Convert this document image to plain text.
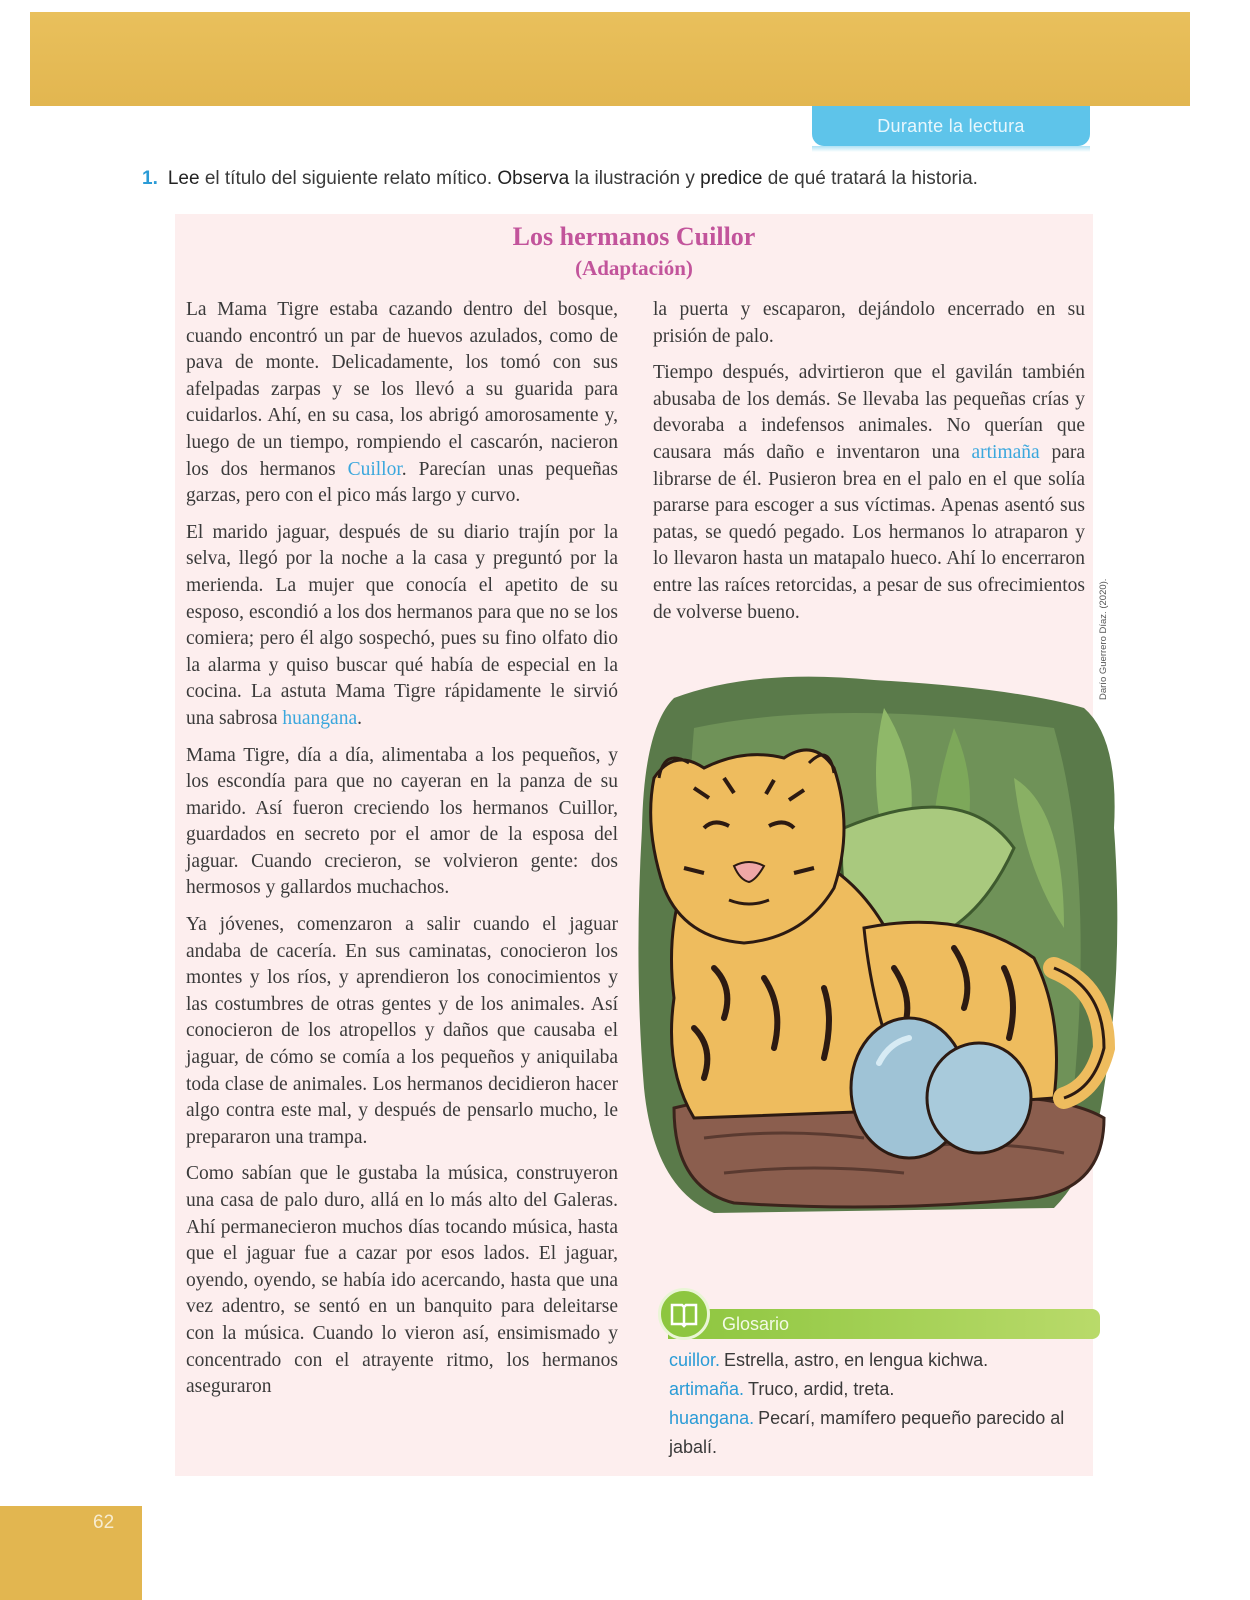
Durante la lectura
1. Lee el título del siguiente relato mítico. Observa la ilustración y predice de qué tratará la historia.
Los hermanos Cuillor
(Adaptación)

La Mama Tigre estaba cazando dentro del bosque, cuando encontró un par de huevos azulados, como de pava de monte. Delicadamente, los tomó con sus afelpadas zarpas y se los llevó a su guarida para cuidarlos. Ahí, en su casa, los abrigó amorosamente y, luego de un tiempo, rompiendo el cascarón, nacieron los dos hermanos Cuillor. Parecían unas pequeñas garzas, pero con el pico más largo y curvo.

El marido jaguar, después de su diario trajín por la selva, llegó por la noche a la casa y preguntó por la merienda. La mujer que conocía el apetito de su esposo, escondió a los dos hermanos para que no se los comiera; pero él algo sospechó, pues su fino olfato dio la alarma y quiso buscar qué había de especial en la cocina. La astuta Mama Tigre rápidamente le sirvió una sabrosa huangana.

Mama Tigre, día a día, alimentaba a los pequeños, y los escondía para que no cayeran en la panza de su marido. Así fueron creciendo los hermanos Cuillor, guardados en secreto por el amor de la esposa del jaguar. Cuando crecieron, se volvieron gente: dos hermosos y gallardos muchachos.

Ya jóvenes, comenzaron a salir cuando el jaguar andaba de cacería. En sus caminatas, conocieron los montes y los ríos, y aprendieron los conocimientos y las costumbres de otras gentes y de los animales. Así conocieron de los atropellos y daños que causaba el jaguar, de cómo se comía a los pequeños y aniquilaba toda clase de animales. Los hermanos decidieron hacer algo contra este mal, y después de pensarlo mucho, le prepararon una trampa.

Como sabían que le gustaba la música, construyeron una casa de palo duro, allá en lo más alto del Galeras. Ahí permanecieron muchos días tocando música, hasta que el jaguar fue a cazar por esos lados. El jaguar, oyendo, oyendo, se había ido acercando, hasta que una vez adentro, se sentó en un banquito para deleitarse con la música. Cuando lo vieron así, ensimismado y concentrado con el atrayente ritmo, los hermanos aseguraron

la puerta y escaparon, dejándolo encerrado en su prisión de palo.

Tiempo después, advirtieron que el gavilán también abusaba de los demás. Se llevaba las pequeñas crías y devoraba a indefensos animales. No querían que causara más daño e inventaron una artimaña para librarse de él. Pusieron brea en el palo en el que solía pararse para escoger a sus víctimas. Apenas asentó sus patas, se quedó pegado. Los hermanos lo atraparon y lo llevaron hasta un matapalo hueco. Ahí lo encerraron entre las raíces retorcidas, a pesar de sus ofrecimientos de volverse bueno.	Darío Guerrero Díaz. (2020).
Glosario
cuillor. Estrella, astro, en lengua kichwa.
artimaña. Truco, ardid, treta.
huangana. Pecarí, mamífero pequeño parecido al jabalí.
62
